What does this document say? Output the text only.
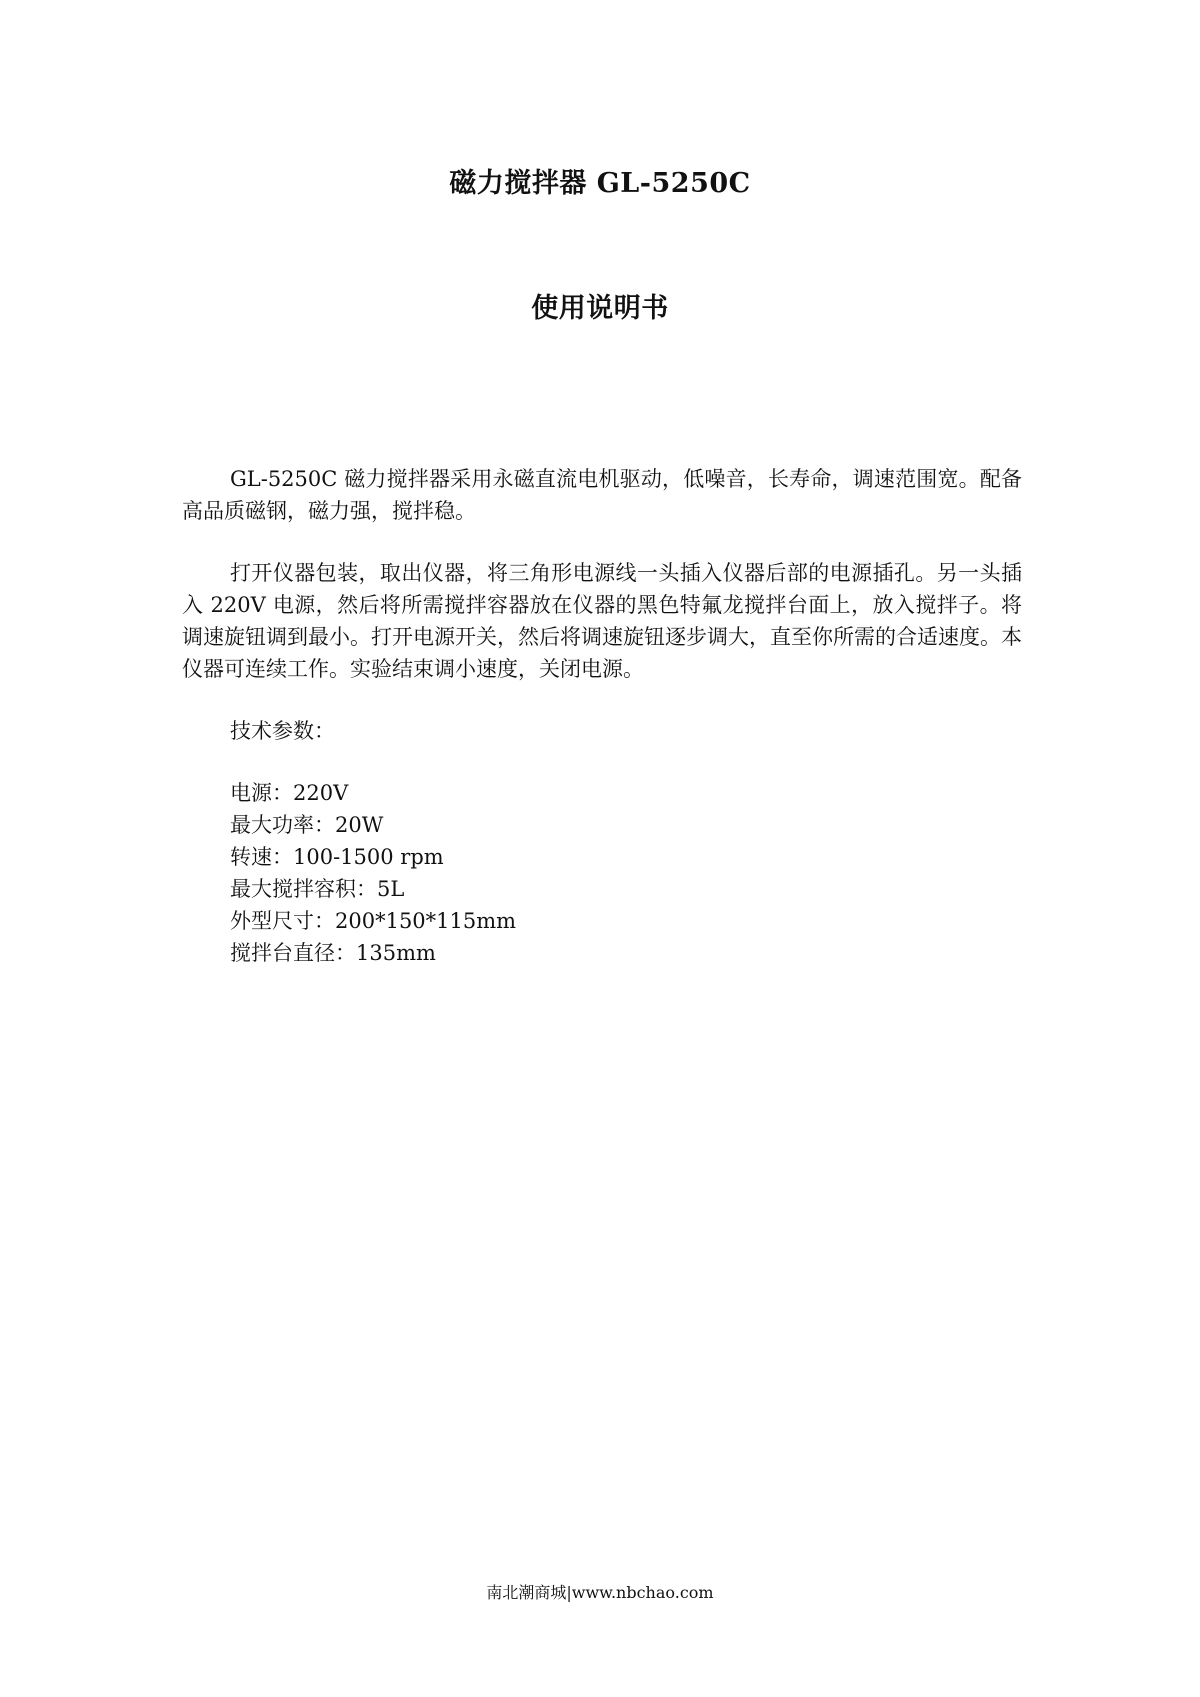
磁力搅拌器 GL-5250C
使用说明书

GL-5250C 磁力搅拌器采用永磁直流电机驱动，低噪音，长寿命，调速范围宽。配备高品质磁钢，磁力强，搅拌稳。

打开仪器包装，取出仪器，将三角形电源线一头插入仪器后部的电源插孔。另一头插入 220V 电源，然后将所需搅拌容器放在仪器的黑色特氟龙搅拌台面上，放入搅拌子。将调速旋钮调到最小。打开电源开关，然后将调速旋钮逐步调大，直至你所需的合适速度。本仪器可连续工作。实验结束调小速度，关闭电源。

技术参数：
电源：220V
最大功率：20W
转速：100-1500 rpm
最大搅拌容积：5L
外型尺寸：200*150*115mm
搅拌台直径：135mm
南北潮商城|www.nbchao.com
